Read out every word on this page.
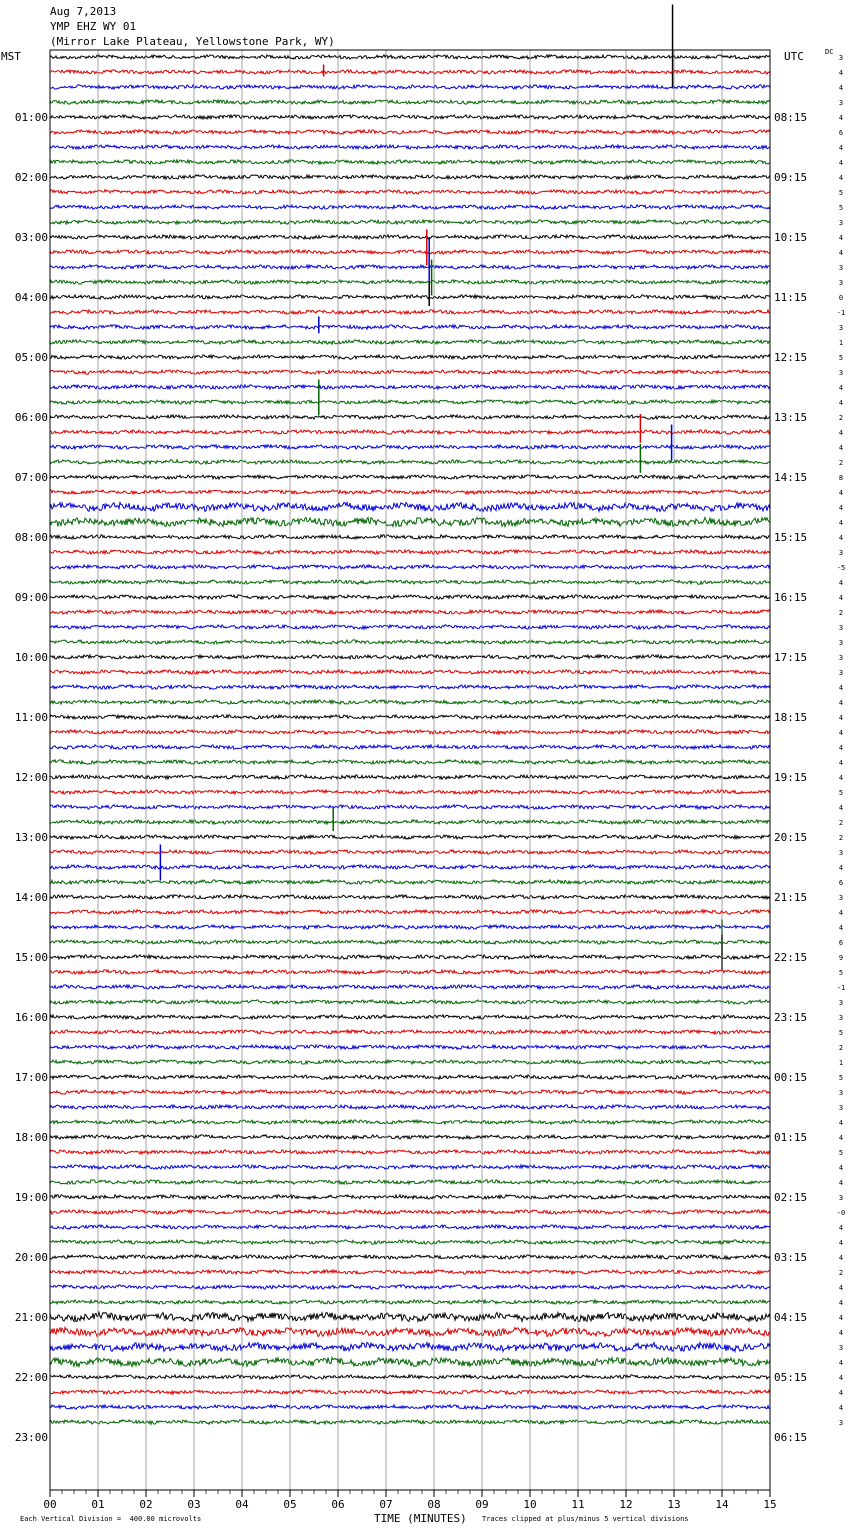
3
4
4
3
4
6
4
4
4
5
5
3
4
4
3
3
0
-1
3
1
5
3
4
4
2
4
4
2
8
4
4
4
4
3
-5
4
4
2
3
3
3
3
4
4
4
4
4
4
4
5
4
2
2
3
4
6
3
4
4
6
9
5
-1
3
3
5
2
1
5
3
3
4
4
5
4
4
3
-0
4
4
4
2
4
4
4
4
3
4
4
4
4
3
00	01	02	03	04	05	06	07	08	09	10	11	12	13	14	15
01:00	08:15
02:00	09:15
03:00	10:15
04:00	11:15
05:00	12:15
06:00	13:15
07:00	14:15
08:00	15:15
09:00	16:15
10:00	17:15
11:00	18:15
12:00	19:15
13:00	20:15
14:00	21:15
15:00	22:15
16:00	23:15
17:00	00:15
18:00	01:15
19:00	02:15
20:00	03:15
21:00	04:15
22:00	05:15
23:00	06:15
Aug 7,2013
YMP EHZ WY 01
(Mirror Lake Plateau, Yellowstone Park, WY)
MST	UTC	DC
Each Vertical Division =  400.00 microvolts	TIME (MINUTES) Traces clipped at plus/minus 5 vertical divisions
